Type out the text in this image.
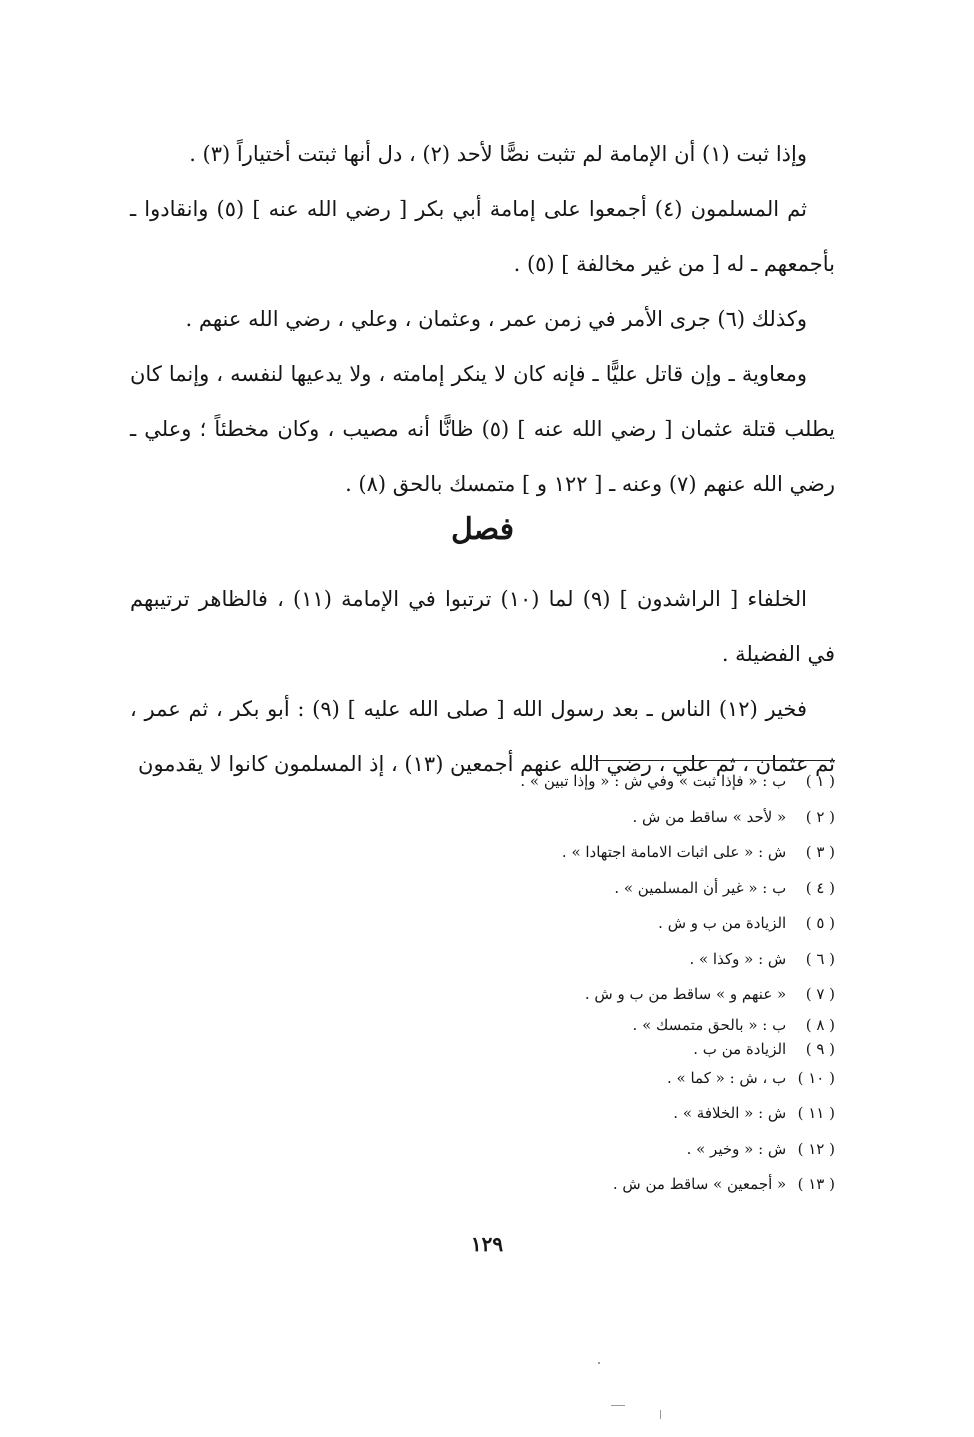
وإذا ثبت (١) أن الإمامة لم تثبت نصًّا لأحد (٢) ، دل أنها ثبتت أختياراً (٣) .

ثم المسلمون (٤) أجمعوا على إمامة أبي بكر [ رضي الله عنه ] (٥) وانقادوا ـ بأجمعهم ـ له [ من غير مخالفة ] (٥) .

وكذلك (٦) جرى الأمر في زمن عمر ، وعثمان ، وعلي ، رضي الله عنهم .

ومعاوية ـ وإن قاتل عليًّا ـ فإنه كان لا ينكر إمامته ، ولا يدعيها لنفسه ، وإنما كان يطلب قتلة عثمان [ رضي الله عنه ] (٥) ظانًّا أنه مصيب ، وكان مخطئاً ؛ وعلي ـ رضي الله عنهم (٧) وعنه ـ [ ١٢٢ و ] متمسك بالحق (٨) .

فصل

الخلفاء [ الراشدون ] (٩) لما (١٠) ترتبوا في الإمامة (١١) ، فالظاهر ترتيبهم في الفضيلة .

فخير (١٢) الناس ـ بعد رسول الله [ صلى الله عليه ] (٩) : أبو بكر ، ثم عمر ، ثم عثمان ، ثم علي ، رضي الله عنهم أجمعين (١٣) ، إذ المسلمون كانوا لا يقدمون

( ١ ) ب : « فإذا ثبت » وفي ش : « وإذا تبين » .

( ٢ ) « لأحد » ساقط من ش .

( ٣ ) ش : « على اثبات الامامة اجتهادا » .

( ٤ ) ب : « غير أن المسلمين » .

( ٥ ) الزيادة من ب و ش .

( ٦ ) ش : « وكذا » .

( ٧ ) « عنهم و » ساقط من ب و ش .

( ٨ ) ب : « بالحق متمسك » .

( ٩ ) الزيادة من ب .

( ١٠ ) ب ، ش : « كما » .

( ١١ ) ش : « الخلافة » .

( ١٢ ) ش : « وخير » .

( ١٣ ) « أجمعين » ساقط من ش .

١٢٩
